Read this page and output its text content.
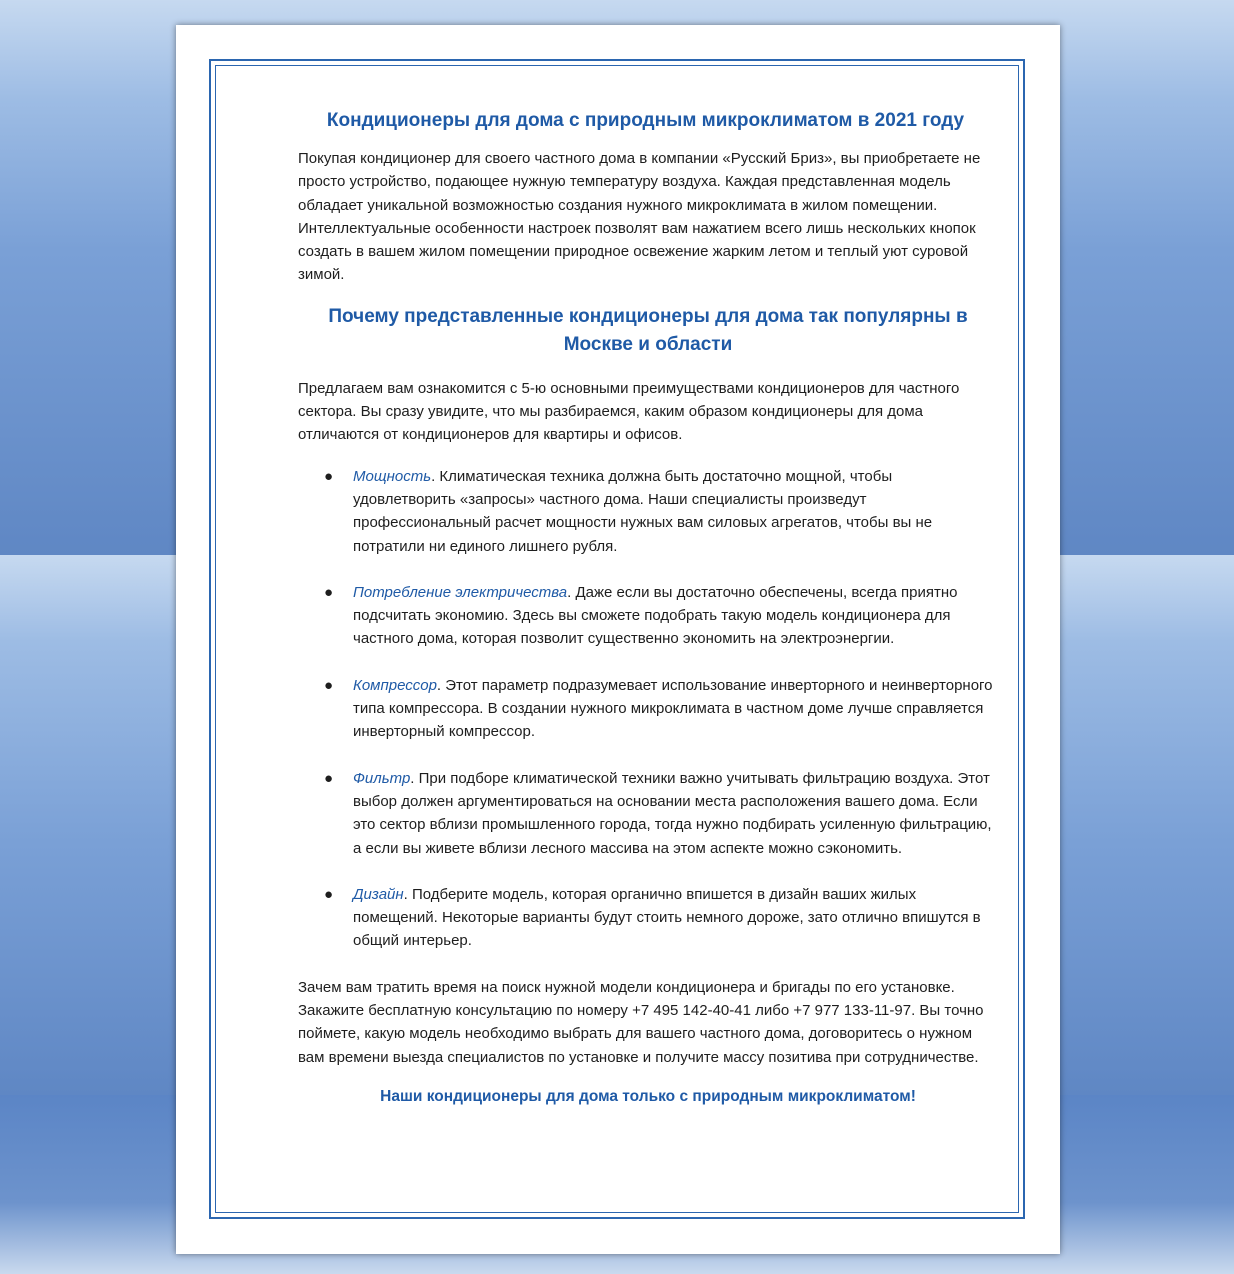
Кондиционеры для дома с природным микроклиматом в 2021 году

Покупая кондиционер для своего частного дома в компании «Русский Бриз», вы приобретаете не просто устройство, подающее нужную температуру воздуха. Каждая представленная модель обладает уникальной возможностью создания нужного микроклимата в жилом помещении. Интеллектуальные особенности настроек позволят вам нажатием всего лишь нескольких кнопок создать в вашем жилом помещении природное освежение жарким летом и теплый уют суровой зимой.

Почему представленные кондиционеры для дома так популярны в Москве и области

Предлагаем вам ознакомится с 5-ю основными преимуществами кондиционеров для частного сектора. Вы сразу увидите, что мы разбираемся, каким образом кондиционеры для дома отличаются от кондиционеров для квартиры и офисов.

● Мощность. Климатическая техника должна быть достаточно мощной, чтобы удовлетворить «запросы» частного дома. Наши специалисты произведут профессиональный расчет мощности нужных вам силовых агрегатов, чтобы вы не потратили ни единого лишнего рубля.
● Потребление электричества. Даже если вы достаточно обеспечены, всегда приятно подсчитать экономию. Здесь вы сможете подобрать такую модель кондиционера для частного дома, которая позволит существенно экономить на электроэнергии.
● Компрессор. Этот параметр подразумевает использование инверторного и неинверторного типа компрессора. В создании нужного микроклимата в частном доме лучше справляется инверторный компрессор.
● Фильтр. При подборе климатической техники важно учитывать фильтрацию воздуха. Этот выбор должен аргументироваться на основании места расположения вашего дома. Если это сектор вблизи промышленного города, тогда нужно подбирать усиленную фильтрацию, а если вы живете вблизи лесного массива на этом аспекте можно сэкономить.
● Дизайн. Подберите модель, которая органично впишется в дизайн ваших жилых помещений. Некоторые варианты будут стоить немного дороже, зато отлично впишутся в общий интерьер.

Зачем вам тратить время на поиск нужной модели кондиционера и бригады по его установке. Закажите бесплатную консультацию по номеру +7 495 142-40-41 либо +7 977 133-11-97. Вы точно поймете, какую модель необходимо выбрать для вашего частного дома, договоритесь о нужном вам времени выезда специалистов по установке и получите массу позитива при сотрудничестве.

Наши кондиционеры для дома только с природным микроклиматом!
